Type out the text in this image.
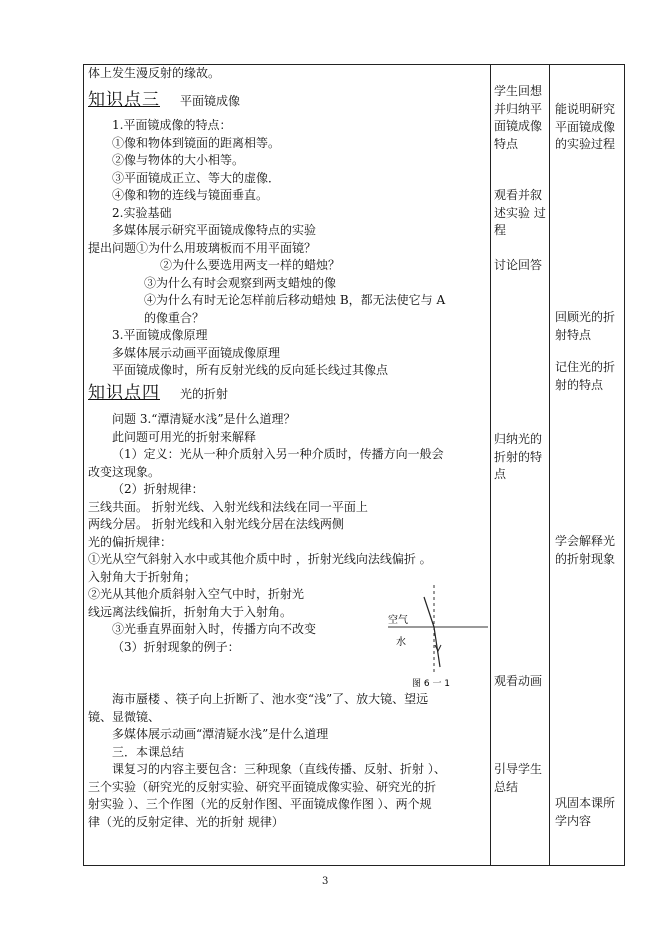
体上发生漫反射的缘故。
知识点三 平面镜成像
1.平面镜成像的特点：
①像和物体到镜面的距离相等。
②像与物体的大小相等。
③平面镜成正立、等大的虚像．
④像和物的连线与镜面垂直。
2.实验基础
多媒体展示研究平面镜成像特点的实验
提出问题①为什么用玻璃板而不用平面镜？
②为什么要选用两支一样的蜡烛？
③为什么有时会观察到两支蜡烛的像
④为什么有时无论怎样前后移动蜡烛 B，都无法使它与 A
的像重合？
3.平面镜成像原理
多媒体展示动画平面镜成像原理
平面镜成像时，所有反射光线的反向延长线过其像点
知识点四 光的折射
问题 3.“潭清疑水浅”是什么道理？
此问题可用光的折射来解释
（1）定义：光从一种介质射入另一种介质时，传播方向一般会
改变这现象。
（2）折射规律：
三线共面。 折射光线、入射光线和法线在同一平面上
两线分居。 折射光线和入射光线分居在法线两侧
光的偏折规律：
①光从空气斜射入水中或其他介质中时 ，折射光线向法线偏折 。
入射角大于折射角；
②光从其他介质斜射入空气中时，折射光
线远离法线偏折，折射角大于入射角。
③光垂直界面射入时，传播方向不改变
（3）折射现象的例子：
空气
水
图 6 一 1
海市蜃楼 、筷子向上折断了、池水变“浅”了、放大镜、望远
镜、显微镜、
多媒体展示动画“潭清疑水浅”是什么道理
三．本课总结
课复习的内容主要包含：三种现象（直线传播、反射、折射 ）、
三个实验（研究光的反射实验、研究平面镜成像实验、研究光的折
射实验 ）、三个作图（光的反射作图、平面镜成像作图 ）、两个规
律（光的反射定律、光的折射 规律）
学生回想并归纳平面镜成像特点
观看并叙述实验 过程
讨论回答
归纳光的折射的特点
观看动画
引导学生总结
能说明研究平面镜成像的实验过程
回顾光的折射特点
记住光的折射的特点
学会解释光的折射现象
巩固本课所学内容
3
